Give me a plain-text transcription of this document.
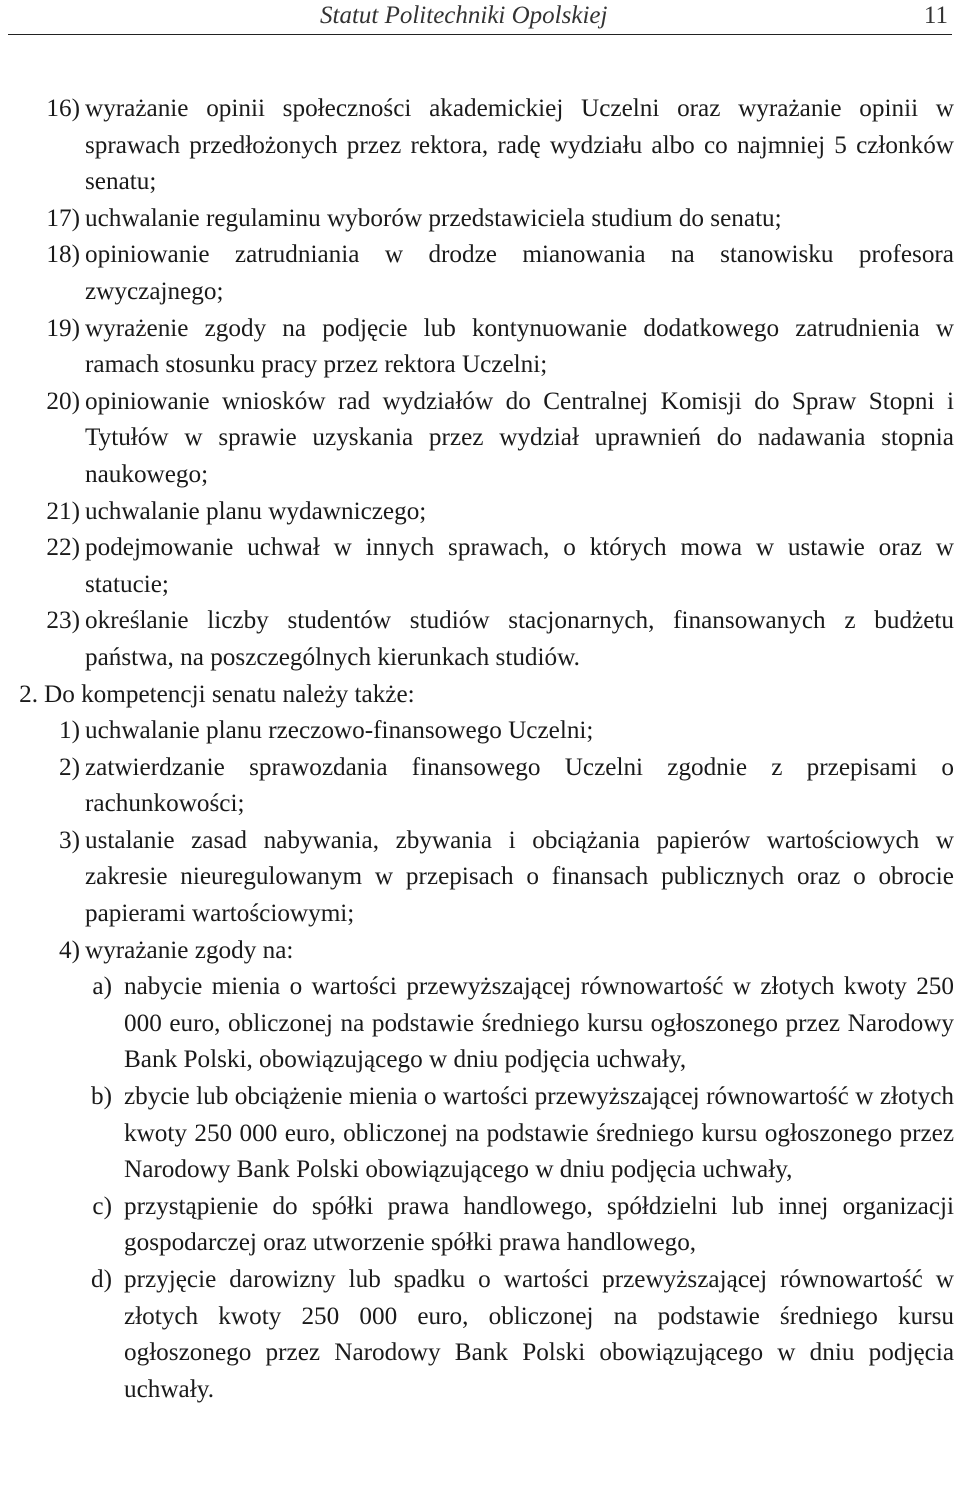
Statut Politechniki Opolskiej	11
16) wyrażanie opinii społeczności akademickiej Uczelni oraz wyrażanie opinii w sprawach przedłożonych przez rektora, radę wydziału albo co najmniej 5 członków senatu;
17) uchwalanie regulaminu wyborów przedstawiciela studium do senatu;
18) opiniowanie zatrudniania w drodze mianowania na stanowisku profesora zwyczajnego;
19) wyrażenie zgody na podjęcie lub kontynuowanie dodatkowego zatrudnienia w ramach stosunku pracy przez rektora Uczelni;
20) opiniowanie wniosków rad wydziałów do Centralnej Komisji do Spraw Stopni i Tytułów w sprawie uzyskania przez wydział uprawnień do nadawania stopnia naukowego;
21) uchwalanie planu wydawniczego;
22) podejmowanie uchwał w innych sprawach, o których mowa w ustawie oraz w statucie;
23) określanie liczby studentów studiów stacjonarnych, finansowanych z budżetu państwa, na poszczególnych kierunkach studiów.
2. Do kompetencji senatu należy także:
1) uchwalanie planu rzeczowo-finansowego Uczelni;
2) zatwierdzanie sprawozdania finansowego Uczelni zgodnie z przepisami o rachunkowości;
3) ustalanie zasad nabywania, zbywania i obciążania papierów wartościowych w zakresie nieuregulowanym w przepisach o finansach publicznych oraz o obrocie papierami wartościowymi;
4) wyrażanie zgody na:
a) nabycie mienia o wartości przewyższającej równowartość w złotych kwoty 250 000 euro, obliczonej na podstawie średniego kursu ogłoszonego przez Narodowy Bank Polski, obowiązującego w dniu podjęcia uchwały,
b) zbycie lub obciążenie mienia o wartości przewyższającej równowartość w złotych kwoty 250 000 euro, obliczonej na podstawie średniego kursu ogłoszonego przez Narodowy Bank Polski obowiązującego w dniu podjęcia uchwały,
c) przystąpienie do spółki prawa handlowego, spółdzielni lub innej organizacji gospodarczej oraz utworzenie spółki prawa handlowego,
d) przyjęcie darowizny lub spadku o wartości przewyższającej równowartość w złotych kwoty 250 000 euro, obliczonej na podstawie średniego kursu ogłoszonego przez Narodowy Bank Polski obowiązującego w dniu podjęcia uchwały.
